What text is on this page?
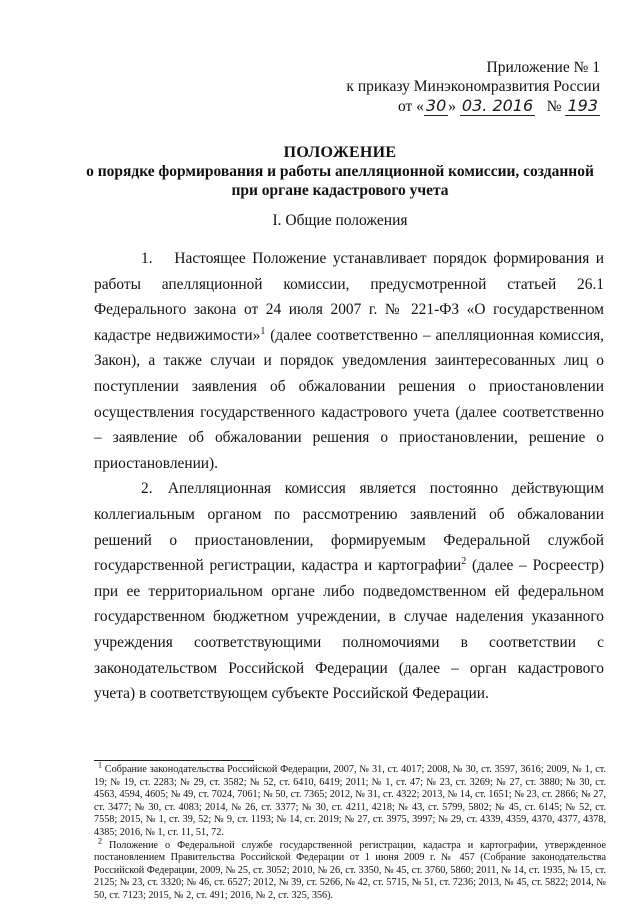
Приложение № 1
к приказу Минэкономразвития России
от « 30 » 03. 2016 № 193
ПОЛОЖЕНИЕ
о порядке формирования и работы апелляционной комиссии, созданной
при органе кадастрового учета
I. Общие положения

1.  Настоящее Положение устанавливает порядок формирования и работы апелляционной комиссии, предусмотренной статьей 26.1 Федерального закона от 24 июля 2007 г. № 221-ФЗ «О государственном кадастре недвижимости»$^1$ (далее соответственно – апелляционная комиссия, Закон), а также случаи и порядок уведомления заинтересованных лиц о поступлении заявления об обжаловании решения о приостановлении осуществления государственного кадастрового учета (далее соответственно – заявление об обжаловании решения о приостановлении, решение о приостановлении).

2. Апелляционная комиссия является постоянно действующим коллегиальным органом по рассмотрению заявлений об обжаловании решений о приостановлении, формируемым Федеральной службой государственной регистрации, кадастра и картографии$^2$ (далее – Росреестр) при ее территориальном органе либо подведомственном ей федеральном государственном бюджетном учреждении, в случае наделения указанного учреждения соответствующими полномочиями в соответствии с законодательством Российской Федерации (далее – орган кадастрового учета) в соответствующем субъекте Российской Федерации.

$^1$ Собрание законодательства Российской Федерации, 2007, № 31, ст. 4017; 2008, № 30, ст. 3597, 3616; 2009, № 1, ст. 19; № 19, ст. 2283; № 29, ст. 3582; № 52, ст. 6410, 6419; 2011; № 1, ст. 47; № 23, ст. 3269; № 27, ст. 3880; № 30, ст. 4563, 4594, 4605; № 49, ст. 7024, 7061; № 50, ст. 7365; 2012, № 31, ст. 4322; 2013, № 14, ст. 1651; № 23, ст. 2866; № 27, ст. 3477; № 30, ст. 4083; 2014, № 26, ст. 3377; № 30, ст. 4211, 4218; № 43, ст. 5799, 5802; № 45, ст. 6145; № 52, ст. 7558; 2015, № 1, ст. 39, 52; № 9, ст. 1193; № 14, ст. 2019; № 27, ст. 3975, 3997; № 29, ст. 4339, 4359, 4370, 4377, 4378, 4385; 2016, № 1, ст. 11, 51, 72.

$^2$ Положение о Федеральной службе государственной регистрации, кадастра и картографии, утвержденное постановлением Правительства Российской Федерации от 1 июня 2009 г. № 457 (Собрание законодательства Российской Федерации, 2009, № 25, ст. 3052; 2010, № 26, ст. 3350, № 45, ст. 3760, 5860; 2011, № 14, ст. 1935, № 15, ст. 2125; № 23, ст. 3320; № 46, ст. 6527; 2012, № 39, ст. 5266, № 42, ст. 5715, № 51, ст. 7236; 2013, № 45, ст. 5822; 2014, № 50, ст. 7123; 2015, № 2, ст. 491; 2016, № 2, ст. 325, 356).
